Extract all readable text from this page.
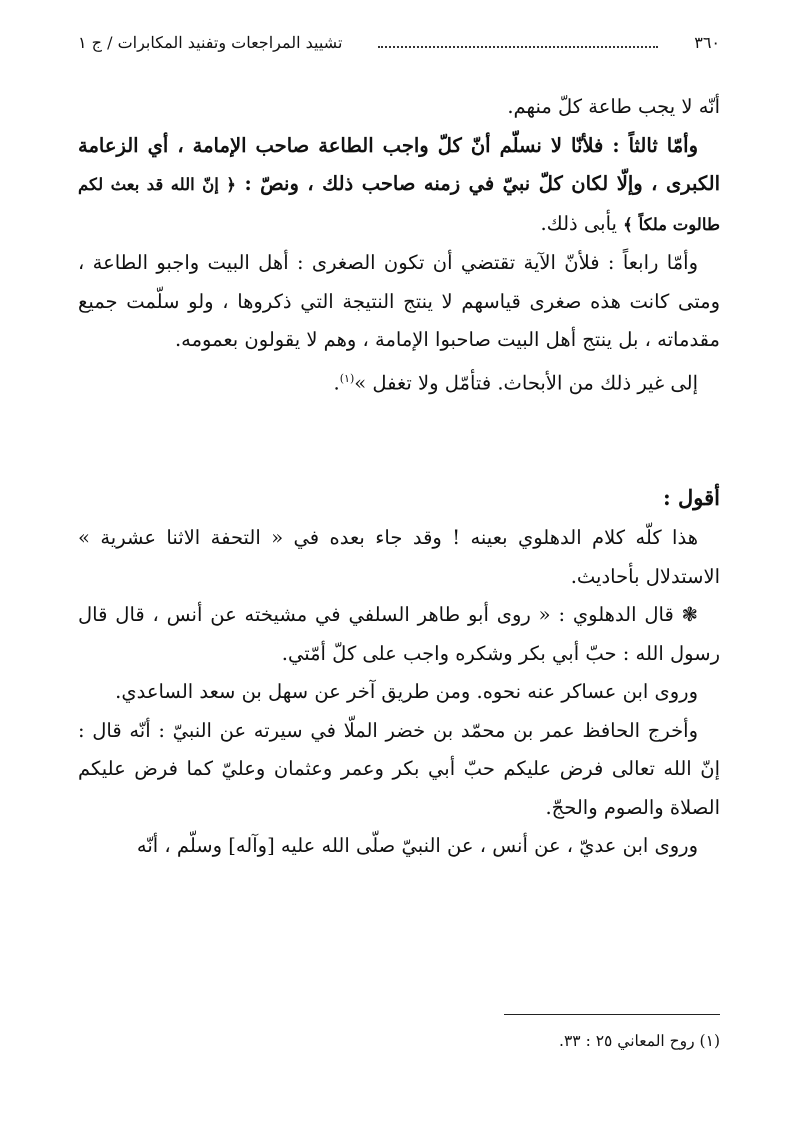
٣٦٠
تشييد المراجعات وتفنيد المكابرات / ج ١

أنّه لا يجب طاعة كلّ منهم.

وأمّا ثالثاً : فلأنّا لا نسلّم أنّ كلّ واجب الطاعة صاحب الإمامة ، أي الزعامة الكبرى ، وإلّا لكان كلّ نبيّ في زمنه صاحب ذلك ، ونصّ : ﴿ إنّ الله قد بعث لكم طالوت ملكاً ﴾ يأبى ذلك.

وأمّا رابعاً : فلأنّ الآية تقتضي أن تكون الصغرى : أهل البيت واجبو الطاعة ، ومتى كانت هذه صغرى قياسهم لا ينتج النتيجة التي ذكروها ، ولو سلّمت جميع مقدماته ، بل ينتج أهل البيت صاحبوا الإمامة ، وهم لا يقولون بعمومه.

إلى غير ذلك من الأبحاث. فتأمّل ولا تغفل »$^{(١)}$.

أقول :

هذا كلّه كلام الدهلوي بعينه ! وقد جاء بعده في « التحفة الاثنا عشرية » الاستدلال بأحاديث.

❃ قال الدهلوي : « روى أبو طاهر السلفي في مشيخته عن أنس ، قال قال رسول الله : حبّ أبي بكر وشكره واجب على كلّ أمّتي.

وروى ابن عساكر عنه نحوه. ومن طريق آخر عن سهل بن سعد الساعدي.

وأخرج الحافظ عمر بن محمّد بن خضر الملّا في سيرته عن النبيّ : أنّه قال : إنّ الله تعالى فرض عليكم حبّ أبي بكر وعمر وعثمان وعليّ كما فرض عليكم الصلاة والصوم والحجّ.

وروى ابن عديّ ، عن أنس ، عن النبيّ صلّى الله عليه [وآله] وسلّم ، أنّه

(١) روح المعاني ٢٥ : ٣٣.
